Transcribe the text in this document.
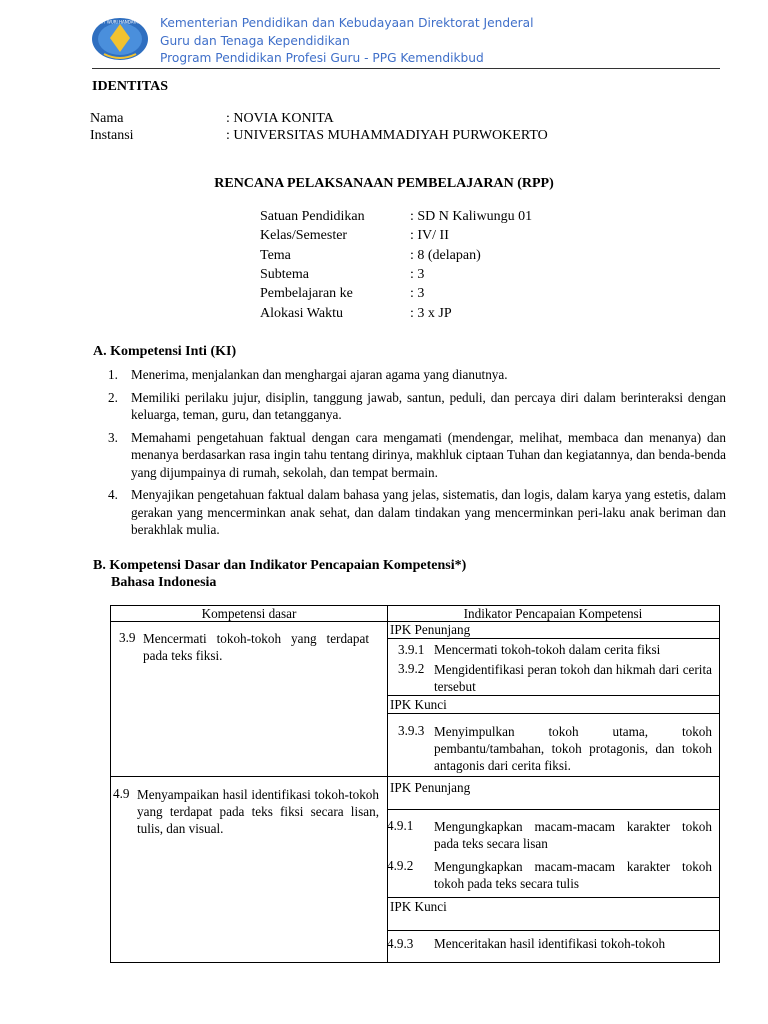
TUT WURI HANDAYANI Kementerian Pendidikan dan Kebudayaan Direktorat Jenderal
Guru dan Tenaga Kependidikan
Program Pendidikan Profesi Guru - PPG Kemendikbud
IDENTITAS
Nama	: NOVIA KONITA
Instansi	: UNIVERSITAS MUHAMMADIYAH PURWOKERTO
RENCANA PELAKSANAAN PEMBELAJARAN (RPP)
Satuan Pendidikan	: SD N Kaliwungu 01
Kelas/Semester	: IV/ II
Tema	: 8 (delapan)
Subtema	: 3
Pembelajaran ke	: 3
Alokasi Waktu	: 3 x JP
A. Kompetensi Inti (KI)
1. Menerima, menjalankan dan menghargai ajaran agama yang dianutnya.
2. Memiliki perilaku jujur, disiplin, tanggung jawab, santun, peduli, dan percaya diri dalam berinteraksi dengan keluarga, teman, guru, dan tetangganya.
3. Memahami pengetahuan faktual dengan cara mengamati (mendengar, melihat, membaca dan menanya) dan menanya berdasarkan rasa ingin tahu tentang dirinya, makhluk ciptaan Tuhan dan kegiatannya, dan benda-benda yang dijumpainya di rumah, sekolah, dan tempat bermain.
4. Menyajikan pengetahuan faktual dalam bahasa yang jelas, sistematis, dan logis, dalam karya yang estetis, dalam gerakan yang mencerminkan anak sehat, dan dalam tindakan yang mencerminkan peri-laku anak beriman dan berakhlak mulia.
B. Kompetensi Dasar dan Indikator Pencapaian Kompetensi*)
Bahasa Indonesia
Kompetensi dasar	Indikator Pencapaian Kompetensi
3.9 Mencermati tokoh-tokoh yang terdapat pada teks fiksi.
IPK Penunjang
3.9.1 Mencermati tokoh-tokoh dalam cerita fiksi
3.9.2 Mengidentifikasi peran tokoh dan hikmah dari cerita tersebut
IPK Kunci
3.9.3 Menyimpulkan tokoh utama, tokoh pembantu/tambahan, tokoh protagonis, dan tokoh antagonis dari cerita fiksi.
4.9 Menyampaikan hasil identifikasi tokoh-tokoh yang terdapat pada teks fiksi secara lisan, tulis, dan visual.
IPK Penunjang
4.9.1 Mengungkapkan macam-macam karakter tokoh pada teks secara lisan
4.9.2 Mengungkapkan macam-macam karakter tokoh tokoh pada teks secara tulis
IPK Kunci
4.9.3 Menceritakan hasil identifikasi tokoh-tokoh
